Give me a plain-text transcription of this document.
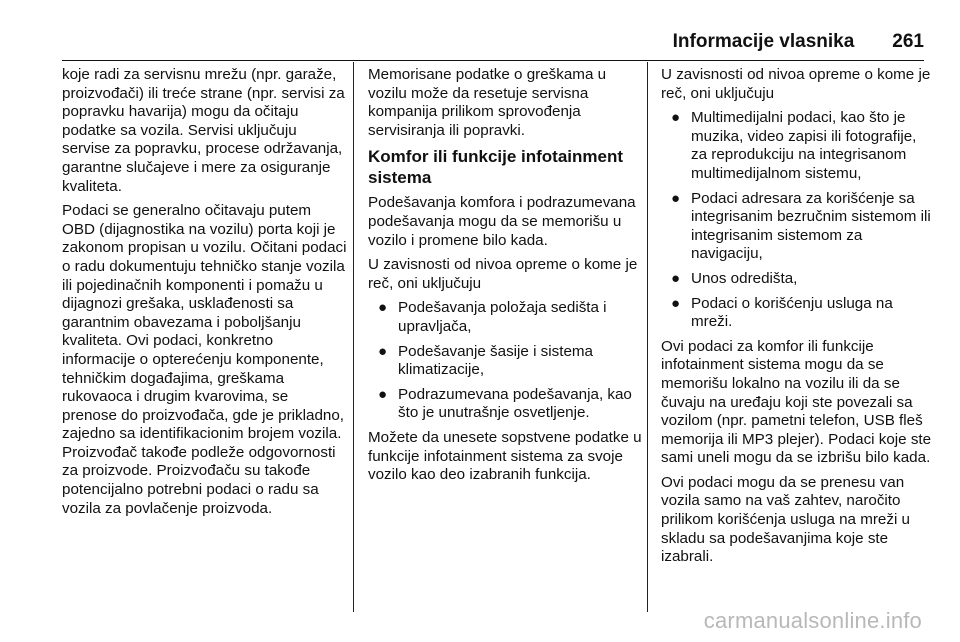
Informacije vlasnika 261

koje radi za servisnu mrežu (npr. garaže, proizvođači) ili treće strane (npr. servisi za popravku havarija) mogu da očitaju podatke sa vozila. Servisi uključuju servise za popravku, procese održavanja, garantne slučajeve i mere za osiguranje kvaliteta.

Podaci se generalno očitavaju putem OBD (dijagnostika na vozilu) porta koji je zakonom propisan u vozilu. Očitani podaci o radu dokumentuju tehničko stanje vozila ili pojedinačnih komponenti i pomažu u dijagnozi grešaka, usklađenosti sa garantnim obavezama i poboljšanju kvaliteta. Ovi podaci, konkretno informacije o opterećenju komponente, tehničkim događajima, greškama rukovaoca i drugim kvarovima, se prenose do proizvođača, gde je prikladno, zajedno sa identifikacionim brojem vozila. Proizvođač takođe podleže odgovornosti za proizvode. Proizvođaču su takođe potencijalno potrebni podaci o radu sa vozila za povlačenje proizvoda.

Memorisane podatke o greškama u vozilu može da resetuje servisna kompanija prilikom sprovođenja servisiranja ili popravki.

Komfor ili funkcije infotainment sistema

Podešavanja komfora i podrazumevana podešavanja mogu da se memorišu u vozilo i promene bilo kada.

U zavisnosti od nivoa opreme o kome je reč, oni uključuju

● Podešavanja položaja sedišta i upravljača,
● Podešavanje šasije i sistema klimatizacije,
● Podrazumevana podešavanja, kao što je unutrašnje osvetljenje.

Možete da unesete sopstvene podatke u funkcije infotainment sistema za svoje vozilo kao deo izabranih funkcija.

U zavisnosti od nivoa opreme o kome je reč, oni uključuju

● Multimedijalni podaci, kao što je muzika, video zapisi ili fotografije, za reprodukciju na integrisanom multimedijalnom sistemu,
● Podaci adresara za korišćenje sa integrisanim bezručnim sistemom ili integrisanim sistemom za navigaciju,
● Unos odredišta,
● Podaci o korišćenju usluga na mreži.

Ovi podaci za komfor ili funkcije infotainment sistema mogu da se memorišu lokalno na vozilu ili da se čuvaju na uređaju koji ste povezali sa vozilom (npr. pametni telefon, USB fleš memorija ili MP3 plejer). Podaci koje ste sami uneli mogu da se izbrišu bilo kada.

Ovi podaci mogu da se prenesu van vozila samo na vaš zahtev, naročito prilikom korišćenja usluga na mreži u skladu sa podešavanjima koje ste izabrali.

carmanualsonline.info
